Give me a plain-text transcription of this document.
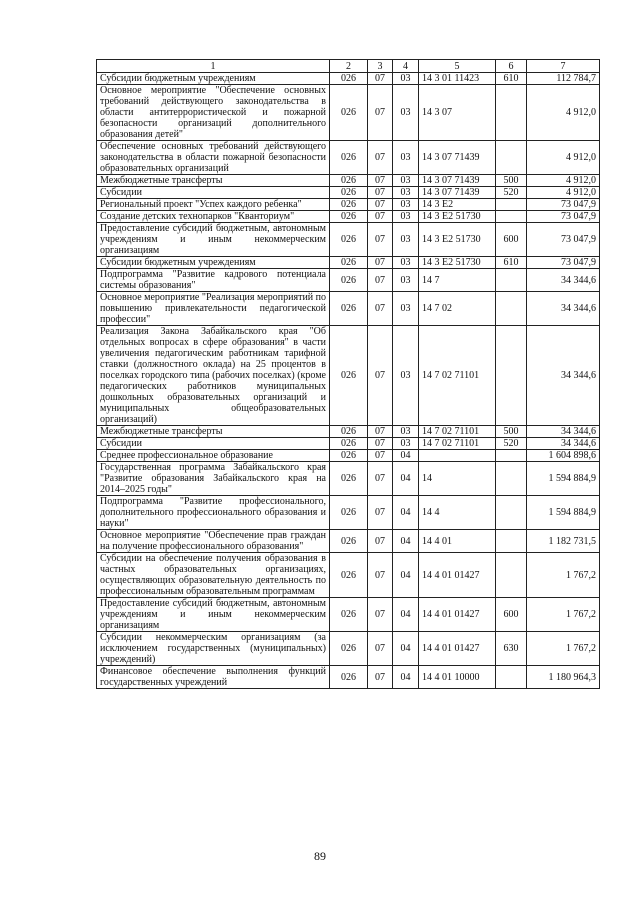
1	2	3	4	5	6	7
Субсидии бюджетным учреждениям	026	07	03	14 3 01 11423	610	112 784,7
Основное мероприятие "Обеспечение основных требований действующего законодательства в области антитеррористической и пожарной безопасности организаций дополнительного образования детей"	026	07	03	14 3 07		4 912,0
Обеспечение основных требований действующего законодательства в области пожарной безопасности образовательных организаций	026	07	03	14 3 07 71439		4 912,0
Межбюджетные трансферты	026	07	03	14 3 07 71439	500	4 912,0
Субсидии	026	07	03	14 3 07 71439	520	4 912,0
Региональный проект "Успех каждого ребенка"	026	07	03	14 3 E2		73 047,9
Создание детских технопарков "Кванториум"	026	07	03	14 3 E2 51730		73 047,9
Предоставление субсидий бюджетным, автономным учреждениям и иным некоммерческим организациям	026	07	03	14 3 E2 51730	600	73 047,9
Субсидии бюджетным учреждениям	026	07	03	14 3 E2 51730	610	73 047,9
Подпрограмма "Развитие кадрового потенциала системы образования"	026	07	03	14 7		34 344,6
Основное мероприятие "Реализация мероприятий по повышению привлекательности педагогической профессии"	026	07	03	14 7 02		34 344,6
Реализация Закона Забайкальского края "Об отдельных вопросах в сфере образования" в части увеличения педагогическим работникам тарифной ставки (должностного оклада) на 25 процентов в поселках городского типа (рабочих поселках) (кроме педагогических работников муниципальных дошкольных образовательных организаций и муниципальных общеобразовательных организаций)	026	07	03	14 7 02 71101		34 344,6
Межбюджетные трансферты	026	07	03	14 7 02 71101	500	34 344,6
Субсидии	026	07	03	14 7 02 71101	520	34 344,6
Среднее профессиональное образование	026	07	04			1 604 898,6
Государственная программа Забайкальского края "Развитие образования Забайкальского края на 2014–2025 годы"	026	07	04	14		1 594 884,9
Подпрограмма "Развитие профессионального, дополнительного профессионального образования и науки"	026	07	04	14 4		1 594 884,9
Основное мероприятие "Обеспечение прав граждан на получение профессионального образования"	026	07	04	14 4 01		1 182 731,5
Субсидии на обеспечение получения образования в частных образовательных организациях, осуществляющих образовательную деятельность по профессиональным образовательным программам	026	07	04	14 4 01 01427		1 767,2
Предоставление субсидий бюджетным, автономным учреждениям и иным некоммерческим организациям	026	07	04	14 4 01 01427	600	1 767,2
Субсидии некоммерческим организациям (за исключением государственных (муниципальных) учреждений)	026	07	04	14 4 01 01427	630	1 767,2
Финансовое обеспечение выполнения функций государственных учреждений	026	07	04	14 4 01 10000		1 180 964,3
89
